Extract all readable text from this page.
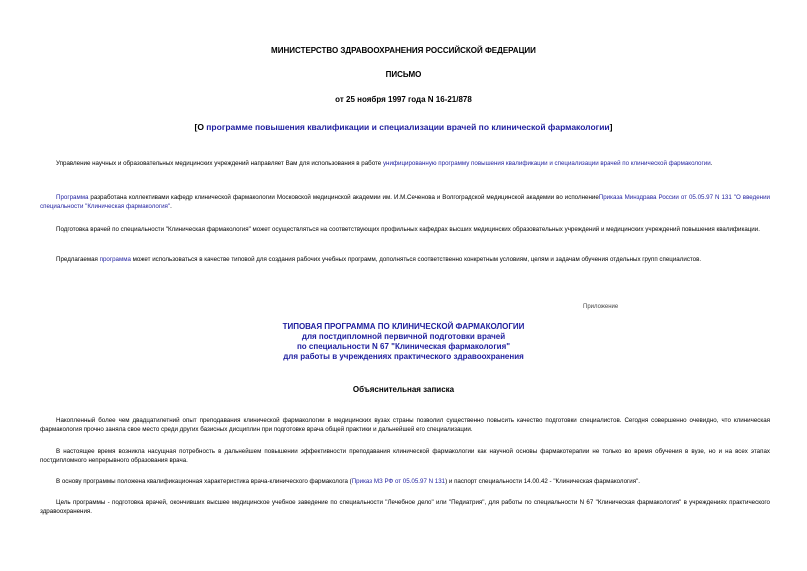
МИНИСТЕРСТВО ЗДРАВООХРАНЕНИЯ РОССИЙСКОЙ ФЕДЕРАЦИИ
ПИСЬМО
от 25 ноября 1997 года N 16-21/878
[О программе повышения квалификации и специализации врачей по клинической фармакологии]

Управление научных и образовательных медицинских учреждений направляет Вам для использования в работе унифицированную программу повышения квалификации и специализации врачей по клинической фармакологии.

Программа разработана коллективами кафедр клинической фармакологии Московской медицинской академии им. И.М.Сеченова и Волгоградской медицинской академии во исполнениеПриказа Минздрава России от 05.05.97 N 131 "О введении специальности "Клиническая фармакология".

Подготовка врачей по специальности "Клиническая фармакология" может осуществляться на соответствующих профильных кафедрах высших медицинских образовательных учреждений и медицинских учреждений повышения квалификации.

Предлагаемая программа может использоваться в качестве типовой для создания рабочих учебных программ, дополняться соответственно конкретным условиям, целям и задачам обучения отдельных групп специалистов.

Приложение
ТИПОВАЯ ПРОГРАММА ПО КЛИНИЧЕСКОЙ ФАРМАКОЛОГИИ
для постдипломной первичной подготовки врачей
по специальности N 67 "Клиническая фармакология"
для работы в учреждениях практического здравоохранения
Объяснительная записка

Накопленный более чем двадцатилетний опыт преподавания клинической фармакологии в медицинских вузах страны позволил существенно повысить качество подготовки специалистов. Сегодня совершенно очевидно, что клиническая фармакология прочно заняла свое место среди других базисных дисциплин при подготовке врача общей практики и дальнейшей его специализации.

В настоящее время возникла насущная потребность в дальнейшем повышении эффективности преподавания клинической фармакологии как научной основы фармакотерапии не только во время обучения в вузе, но и на всех этапах постдипломного непрерывного образования врача.

В основу программы положена квалификационная характеристика врача-клинического фармаколога (Приказ МЗ РФ от 05.05.97 N 131) и паспорт специальности 14.00.42 - "Клиническая фармакология".

Цель программы - подготовка врачей, окончивших высшее медицинское учебное заведение по специальности "Лечебное дело" или "Педиатрия", для работы по специальности N 67 "Клиническая фармакология" в учреждениях практического здравоохранения.
